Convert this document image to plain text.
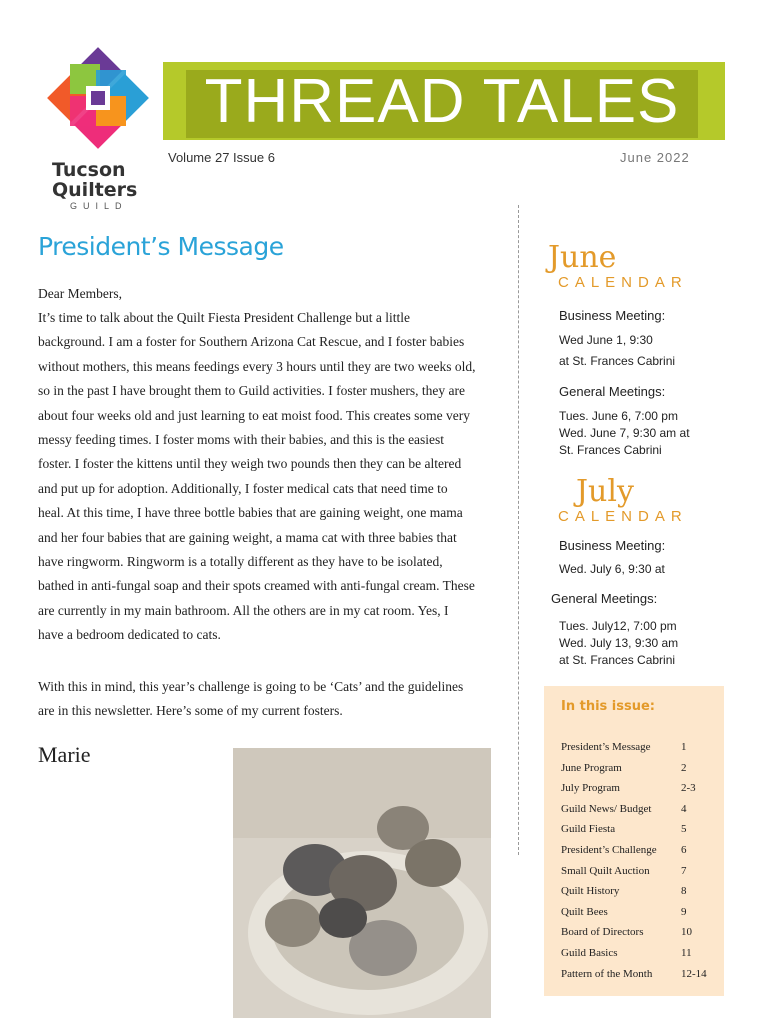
Tucson
Quilters
GUILD
THREAD TALES
Volume 27 Issue 6	June 2022
President’s Message
Dear Members,
It’s time to talk about the Quilt Fiesta President Challenge but a little
background. I am a foster for Southern Arizona Cat Rescue, and I foster babies
without mothers, this means feedings every 3 hours until they are two weeks old,
so in the past I have brought them to Guild activities. I foster mushers, they are
about four weeks old and just learning to eat moist food. This creates some very
messy feeding times. I foster moms with their babies, and this is the easiest
foster. I foster the kittens until they weigh two pounds then they can be altered
and put up for adoption. Additionally, I foster medical cats that need time to
heal. At this time, I have three bottle babies that are gaining weight, one mama
and her four babies that are gaining weight, a mama cat with three babies that
have ringworm. Ringworm is a totally different as they have to be isolated,
bathed in anti-fungal soap and their spots creamed with anti-fungal cream. These
are currently in my main bathroom. All the others are in my cat room. Yes, I
have a bedroom dedicated to cats.
With this in mind, this year’s challenge is going to be ‘Cats’ and the guidelines
are in this newsletter. Here’s some of my current fosters.
Marie
June
CALENDAR
Business Meeting:
Wed June 1, 9:30
at St. Frances Cabrini
General Meetings:
Tues. June 6, 7:00 pm
Wed. June 7, 9:30 am at
St. Frances Cabrini
July
CALENDAR
Business Meeting:
Wed. July 6, 9:30 at
General Meetings:
Tues. July12, 7:00 pm
Wed. July 13, 9:30 am
at St. Frances Cabrini
In this issue:
President’s Message	1
June Program	2
July Program	2-3
Guild News/ Budget	4
Guild Fiesta	5
President’s Challenge 6
Small Quilt Auction	7
Quilt History	8
Quilt Bees	9
Board of Directors	10
Guild Basics	11
Pattern of the Month	12-14
